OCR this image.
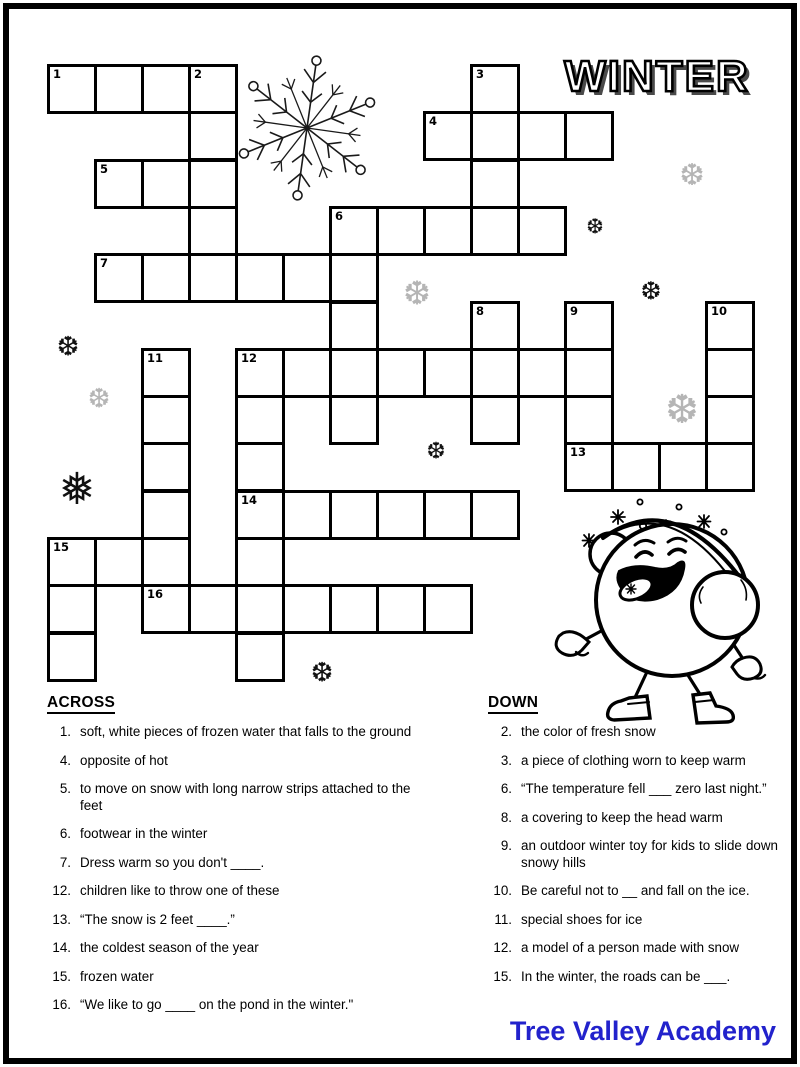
WINTER
1	2	3
4
5
6
7
8	9	10
11	12
13
14
15
16
❆
❆
❆
❆
❆
❅
❆
❆
❆	❆
ACROSS
1. soft, white pieces of frozen water that falls to the ground
4. opposite of hot
5. to move on snow with long narrow strips attached to the feet
6. footwear in the winter
7. Dress warm so you don't ____.
12. children like to throw one of these
13. “The snow is 2 feet ____.”
14. the coldest season of the year
15. frozen water
16. “We like to go ____ on the pond in the winter."
DOWN
2. the color of fresh snow
3. a piece of clothing worn to keep warm
6. “The temperature fell ___ zero last night.”
8. a covering to keep the head warm
9. an outdoor winter toy for kids to slide down snowy hills
10. Be careful not to __ and fall on the ice.
11. special shoes for ice
12. a model of a person made with snow
15. In the winter, the roads can be ___.
Tree Valley Academy
